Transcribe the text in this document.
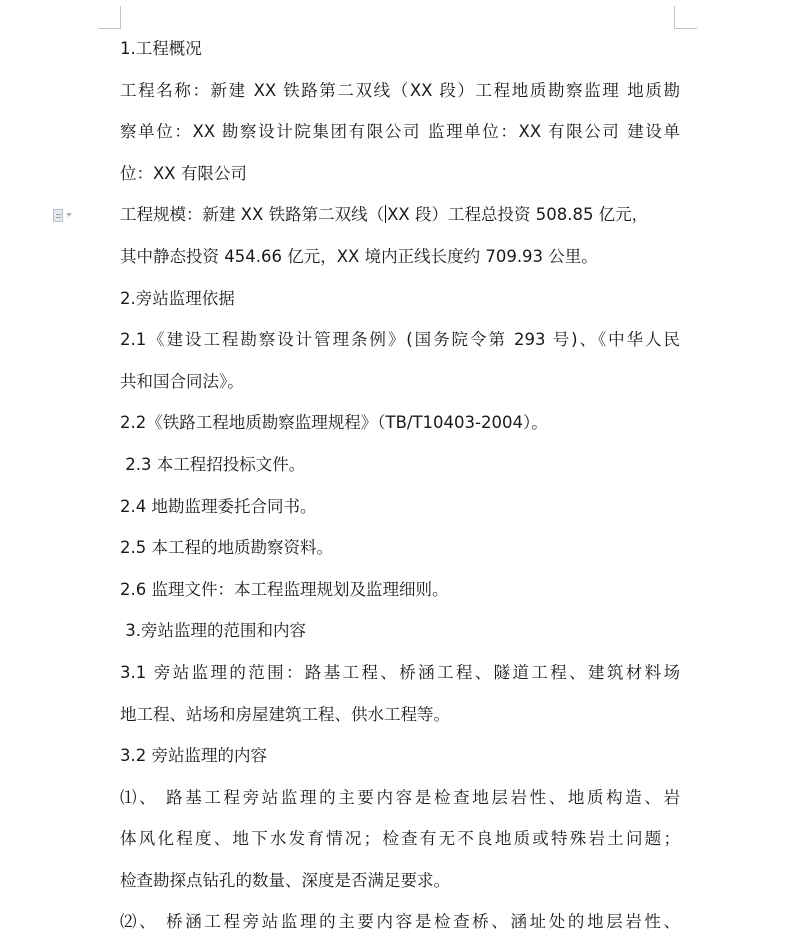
1.工程概况
工程名称：新建 XX 铁路第二双线（XX 段）工程地质勘察监理 地质勘
察单位：XX 勘察设计院集团有限公司 监理单位：XX 有限公司 建设单
位：XX 有限公司
工程规模：新建 XX 铁路第二双线（ XX 段）工程总投资 508.85 亿元，
其中静态投资 454.66 亿元，XX 境内正线长度约 709.93 公里。
2.旁站监理依据
2.1《建设工程勘察设计管理条例》(国务院令第 293 号)、《中华人民
共和国合同法》。
2.2《铁路工程地质勘察监理规程》（TB/T10403-2004）。
2.3 本工程招投标文件。
2.4 地勘监理委托合同书。
2.5 本工程的地质勘察资料。
2.6 监理文件：本工程监理规划及监理细则。
3.旁站监理的范围和内容
3.1 旁站监理的范围：路基工程、桥涵工程、隧道工程、建筑材料场
地工程、站场和房屋建筑工程、供水工程等。
3.2 旁站监理的内容
⑴、 路基工程旁站监理的主要内容是检查地层岩性、地质构造、岩
体风化程度、地下水发育情况；检查有无不良地质或特殊岩土问题；
检查勘探点钻孔的数量、深度是否满足要求。
⑵、 桥涵工程旁站监理的主要内容是检查桥、涵址处的地层岩性、
